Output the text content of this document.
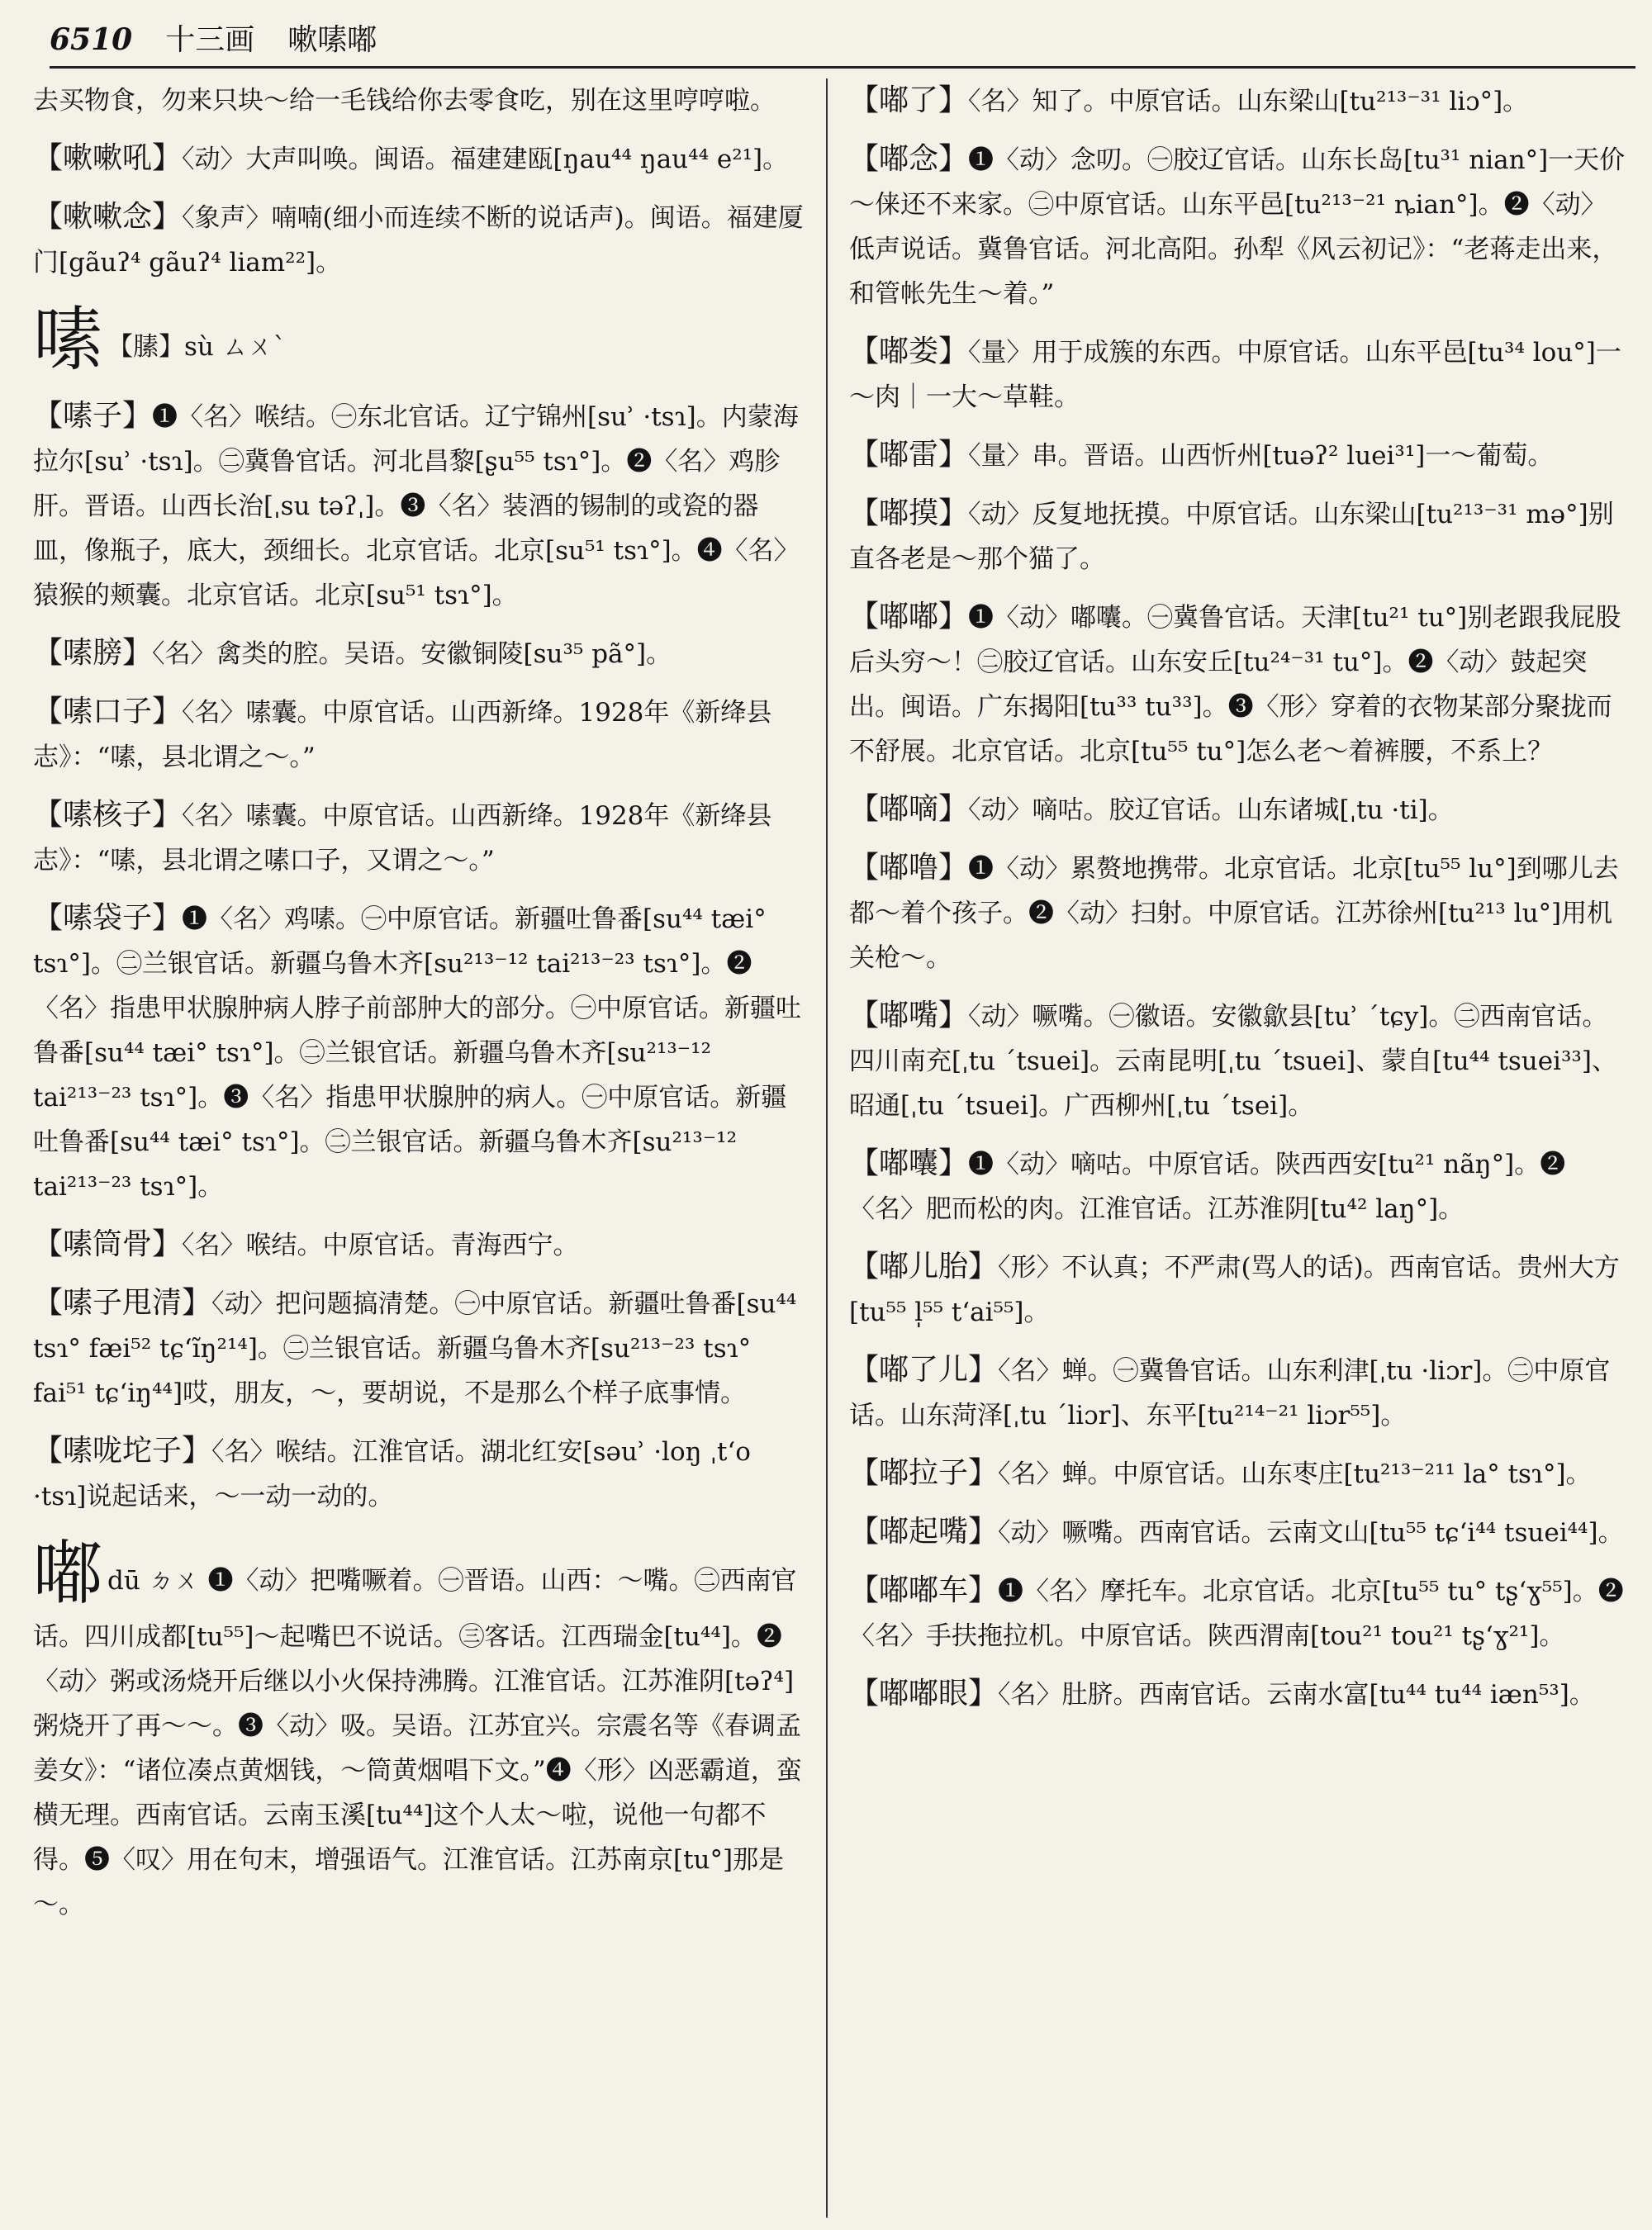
6510 十三画 嗽嗉嘟

去买物食，勿来只块～给一毛钱给你去零食吃，别在这里哼哼啦。

【嗽嗽吼】〈动〉大声叫唤。闽语。福建建瓯[ŋau⁴⁴ ŋau⁴⁴ e²¹]。

【嗽嗽念】〈象声〉喃喃(细小而连续不断的说话声)。闽语。福建厦门[gãuʔ⁴ gãuʔ⁴ liam²²]。

嗉 【膆】sù ㄙㄨˋ

【嗉子】❶〈名〉喉结。㊀东北官话。辽宁锦州[suʾ ·tsɿ]。内蒙海拉尔[suʾ ·tsɿ]。㊁冀鲁官话。河北昌黎[ʂu⁵⁵ tsɿ°]。❷〈名〉鸡胗肝。晋语。山西长治[ˌsu təʔˌ]。❸〈名〉装酒的锡制的或瓷的器皿，像瓶子，底大，颈细长。北京官话。北京[su⁵¹ tsɿ°]。❹〈名〉猿猴的颊囊。北京官话。北京[su⁵¹ tsɿ°]。

【嗉膀】〈名〉禽类的腔。吴语。安徽铜陵[su³⁵ pã°]。

【嗉口子】〈名〉嗉囊。中原官话。山西新绛。1928年《新绛县志》：“嗉，县北谓之～。”

【嗉核子】〈名〉嗉囊。中原官话。山西新绛。1928年《新绛县志》：“嗉，县北谓之嗉口子，又谓之～。”

【嗉袋子】❶〈名〉鸡嗉。㊀中原官话。新疆吐鲁番[su⁴⁴ tæi° tsɿ°]。㊁兰银官话。新疆乌鲁木齐[su²¹³⁻¹² tai²¹³⁻²³ tsɿ°]。❷〈名〉指患甲状腺肿病人脖子前部肿大的部分。㊀中原官话。新疆吐鲁番[su⁴⁴ tæi° tsɿ°]。㊁兰银官话。新疆乌鲁木齐[su²¹³⁻¹² tai²¹³⁻²³ tsɿ°]。❸〈名〉指患甲状腺肿的病人。㊀中原官话。新疆吐鲁番[su⁴⁴ tæi° tsɿ°]。㊁兰银官话。新疆乌鲁木齐[su²¹³⁻¹² tai²¹³⁻²³ tsɿ°]。

【嗉筒骨】〈名〉喉结。中原官话。青海西宁。

【嗉子甩清】〈动〉把问题搞清楚。㊀中原官话。新疆吐鲁番[su⁴⁴ tsɿ° fæi⁵² tɕʻĩŋ²¹⁴]。㊁兰银官话。新疆乌鲁木齐[su²¹³⁻²³ tsɿ° fai⁵¹ tɕʻiŋ⁴⁴]哎，朋友，～，要胡说，不是那么个样子底事情。

【嗉咙坨子】〈名〉喉结。江淮官话。湖北红安[səuʾ ·loŋ ˌtʻo ·tsɿ]说起话来，～一动一动的。

嘟dū ㄉㄨ ❶〈动〉把嘴噘着。㊀晋语。山西：～嘴。㊁西南官话。四川成都[tu⁵⁵]～起嘴巴不说话。㊂客话。江西瑞金[tu⁴⁴]。❷〈动〉粥或汤烧开后继以小火保持沸腾。江淮官话。江苏淮阴[təʔ⁴]粥烧开了再～～。❸〈动〉吸。吴语。江苏宜兴。宗震名等《春调孟姜女》：“诸位凑点黄烟钱，～筒黄烟唱下文。”❹〈形〉凶恶霸道，蛮横无理。西南官话。云南玉溪[tu⁴⁴]这个人太～啦，说他一句都不得。❺〈叹〉用在句末，增强语气。江淮官话。江苏南京[tu°]那是～。

【嘟了】〈名〉知了。中原官话。山东梁山[tu²¹³⁻³¹ liɔ°]。

【嘟念】❶〈动〉念叨。㊀胶辽官话。山东长岛[tu³¹ nian°]一天价～俫还不来家。㊁中原官话。山东平邑[tu²¹³⁻²¹ ȵian°]。❷〈动〉低声说话。冀鲁官话。河北高阳。孙犁《风云初记》：“老蒋走出来，和管帐先生～着。”

【嘟娄】〈量〉用于成簇的东西。中原官话。山东平邑[tu³⁴ lou°]一～肉｜一大～草鞋。

【嘟雷】〈量〉串。晋语。山西忻州[tuəʔ² luei³¹]一～葡萄。

【嘟摸】〈动〉反复地抚摸。中原官话。山东梁山[tu²¹³⁻³¹ mə°]别直各老是～那个猫了。

【嘟嘟】❶〈动〉嘟囔。㊀冀鲁官话。天津[tu²¹ tu°]别老跟我屁股后头穷～！㊁胶辽官话。山东安丘[tu²⁴⁻³¹ tu°]。❷〈动〉鼓起突出。闽语。广东揭阳[tu³³ tu³³]。❸〈形〉穿着的衣物某部分聚拢而不舒展。北京官话。北京[tu⁵⁵ tu°]怎么老～着裤腰，不系上？

【嘟嘀】〈动〉嘀咕。胶辽官话。山东诸城[ˌtu ·ti]。

【嘟噜】❶〈动〉累赘地携带。北京官话。北京[tu⁵⁵ lu°]到哪儿去都～着个孩子。❷〈动〉扫射。中原官话。江苏徐州[tu²¹³ lu°]用机关枪～。

【嘟嘴】〈动〉噘嘴。㊀徽语。安徽歙县[tuʾ ˊtɕy]。㊁西南官话。四川南充[ˌtu ˊtsuei]。云南昆明[ˌtu ˊtsuei]、蒙自[tu⁴⁴ tsuei³³]、昭通[ˌtu ˊtsuei]。广西柳州[ˌtu ˊtsei]。

【嘟囔】❶〈动〉嘀咕。中原官话。陕西西安[tu²¹ nãŋ°]。❷〈名〉肥而松的肉。江淮官话。江苏淮阴[tu⁴² laŋ°]。

【嘟儿胎】〈形〉不认真；不严肃(骂人的话)。西南官话。贵州大方[tu⁵⁵ l̩⁵⁵ tʻai⁵⁵]。

【嘟了儿】〈名〉蝉。㊀冀鲁官话。山东利津[ˌtu ·liɔr]。㊁中原官话。山东菏泽[ˌtu ˊliɔr]、东平[tu²¹⁴⁻²¹ liɔr⁵⁵]。

【嘟拉子】〈名〉蝉。中原官话。山东枣庄[tu²¹³⁻²¹¹ la° tsɿ°]。

【嘟起嘴】〈动〉噘嘴。西南官话。云南文山[tu⁵⁵ tɕʻi⁴⁴ tsuei⁴⁴]。

【嘟嘟车】❶〈名〉摩托车。北京官话。北京[tu⁵⁵ tu° tʂʻɣ⁵⁵]。❷〈名〉手扶拖拉机。中原官话。陕西渭南[tou²¹ tou²¹ tʂʻɣ²¹]。

【嘟嘟眼】〈名〉肚脐。西南官话。云南水富[tu⁴⁴ tu⁴⁴ iæn⁵³]。
